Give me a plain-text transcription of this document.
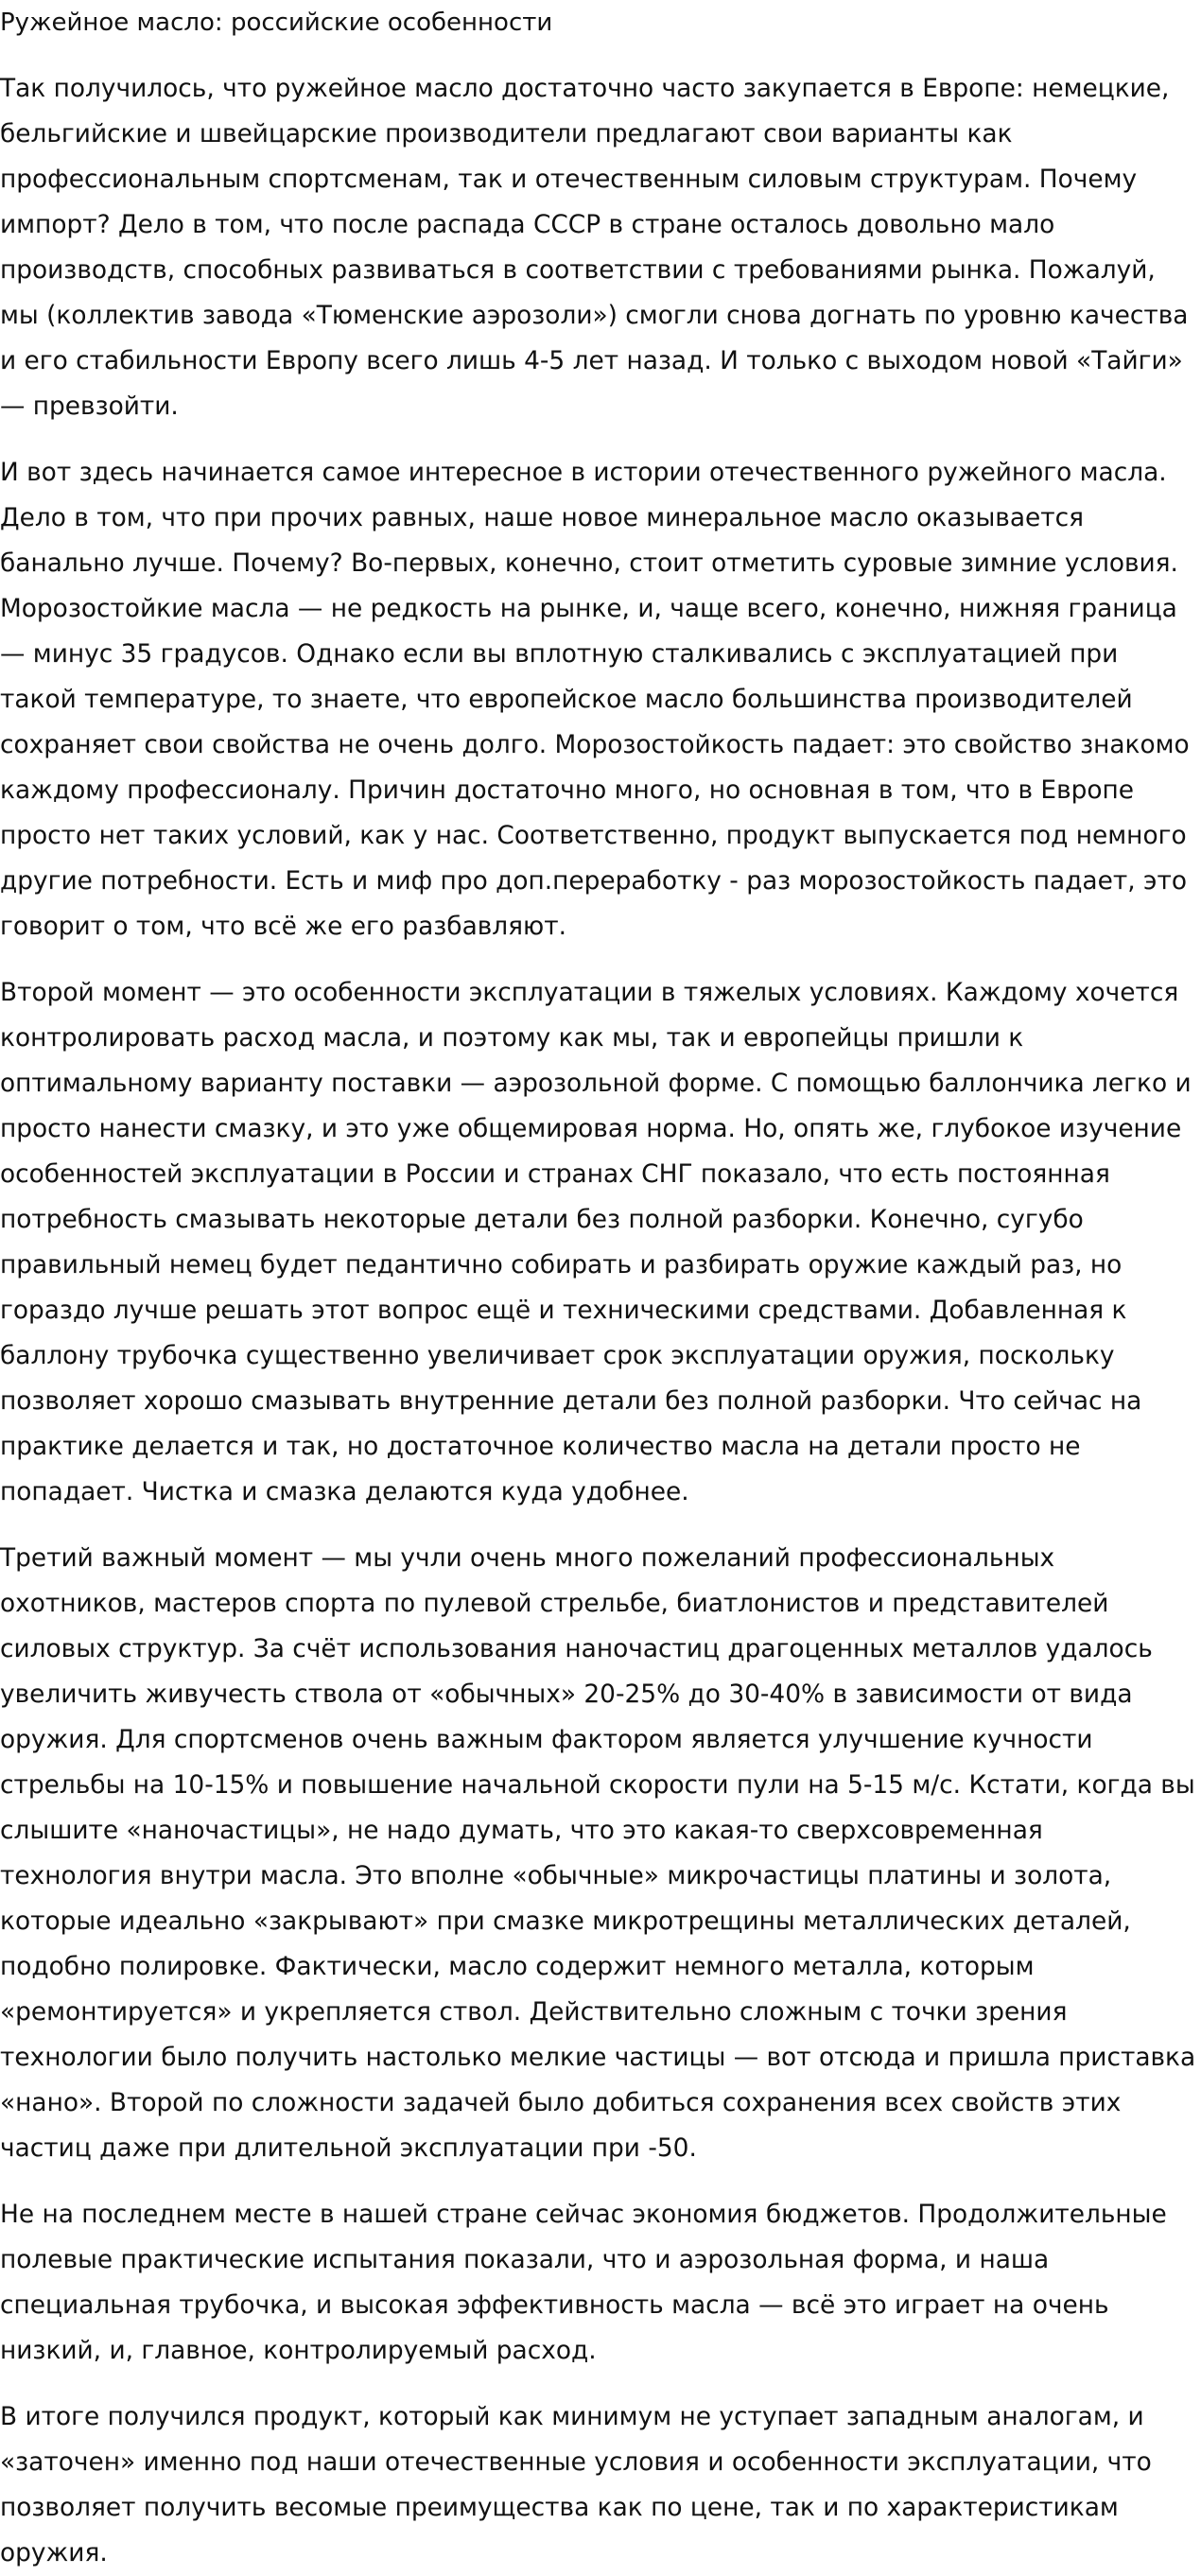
Ружейное масло: российские особенности

Так получилось, что ружейное масло достаточно часто закупается в Европе: немецкие, бельгийские и швейцарские производители предлагают свои варианты как профессиональным спортсменам, так и отечественным силовым структурам. Почему импорт? Дело в том, что после распада СССР в стране осталось довольно мало производств, способных развиваться в соответствии с требованиями рынка. Пожалуй, мы (коллектив завода «Тюменские аэрозоли») смогли снова догнать по уровню качества и его стабильности Европу всего лишь 4-5 лет назад. И только с выходом новой «Тайги» — превзойти.

И вот здесь начинается самое интересное в истории отечественного ружейного масла. Дело в том, что при прочих равных, наше новое минеральное масло оказывается банально лучше. Почему? Во-первых, конечно, стоит отметить суровые зимние условия. Морозостойкие масла — не редкость на рынке, и, чаще всего, конечно, нижняя граница — минус 35 градусов. Однако если вы вплотную сталкивались с эксплуатацией при такой температуре, то знаете, что европейское масло большинства производителей сохраняет свои свойства не очень долго. Морозостойкость падает: это свойство знакомо каждому профессионалу. Причин достаточно много, но основная в том, что в Европе просто нет таких условий, как у нас. Соответственно, продукт выпускается под немного другие потребности. Есть и миф про доп.переработку - раз морозостойкость падает, это говорит о том, что всё же его разбавляют.

Второй момент — это особенности эксплуатации в тяжелых условиях. Каждому хочется контролировать расход масла, и поэтому как мы, так и европейцы пришли к оптимальному варианту поставки — аэрозольной форме. С помощью баллончика легко и просто нанести смазку, и это уже общемировая норма. Но, опять же, глубокое изучение особенностей эксплуатации в России и странах СНГ показало, что есть постоянная потребность смазывать некоторые детали без полной разборки. Конечно, сугубо правильный немец будет педантично собирать и разбирать оружие каждый раз, но гораздо лучше решать этот вопрос ещё и техническими средствами. Добавленная к баллону трубочка существенно увеличивает срок эксплуатации оружия, поскольку позволяет хорошо смазывать внутренние детали без полной разборки. Что сейчас на практике делается и так, но достаточное количество масла на детали просто не попадает. Чистка и смазка делаются куда удобнее.

Третий важный момент — мы учли очень много пожеланий профессиональных охотников, мастеров спорта по пулевой стрельбе, биатлонистов и представителей силовых структур. За счёт использования наночастиц драгоценных металлов удалось увеличить живучесть ствола от «обычных» 20-25% до 30-40% в зависимости от вида оружия. Для спортсменов очень важным фактором является улучшение кучности стрельбы на 10-15% и повышение начальной скорости пули на 5-15 м/с. Кстати, когда вы слышите «наночастицы», не надо думать, что это какая-то сверхсовременная технология внутри масла. Это вполне «обычные» микрочастицы платины и золота, которые идеально «закрывают» при смазке микротрещины металлических деталей, подобно полировке. Фактически, масло содержит немного металла, которым «ремонтируется» и укрепляется ствол. Действительно сложным с точки зрения технологии было получить настолько мелкие частицы — вот отсюда и пришла приставка «нано». Второй по сложности задачей было добиться сохранения всех свойств этих частиц даже при длительной эксплуатации при -50.

Не на последнем месте в нашей стране сейчас экономия бюджетов. Продолжительные полевые практические испытания показали, что и аэрозольная форма, и наша специальная трубочка, и высокая эффективность масла — всё это играет на очень низкий, и, главное, контролируемый расход.

В итоге получился продукт, который как минимум не уступает западным аналогам, и «заточен» именно под наши отечественные условия и особенности эксплуатации, что позволяет получить весомые преимущества как по цене, так и по характеристикам оружия.
